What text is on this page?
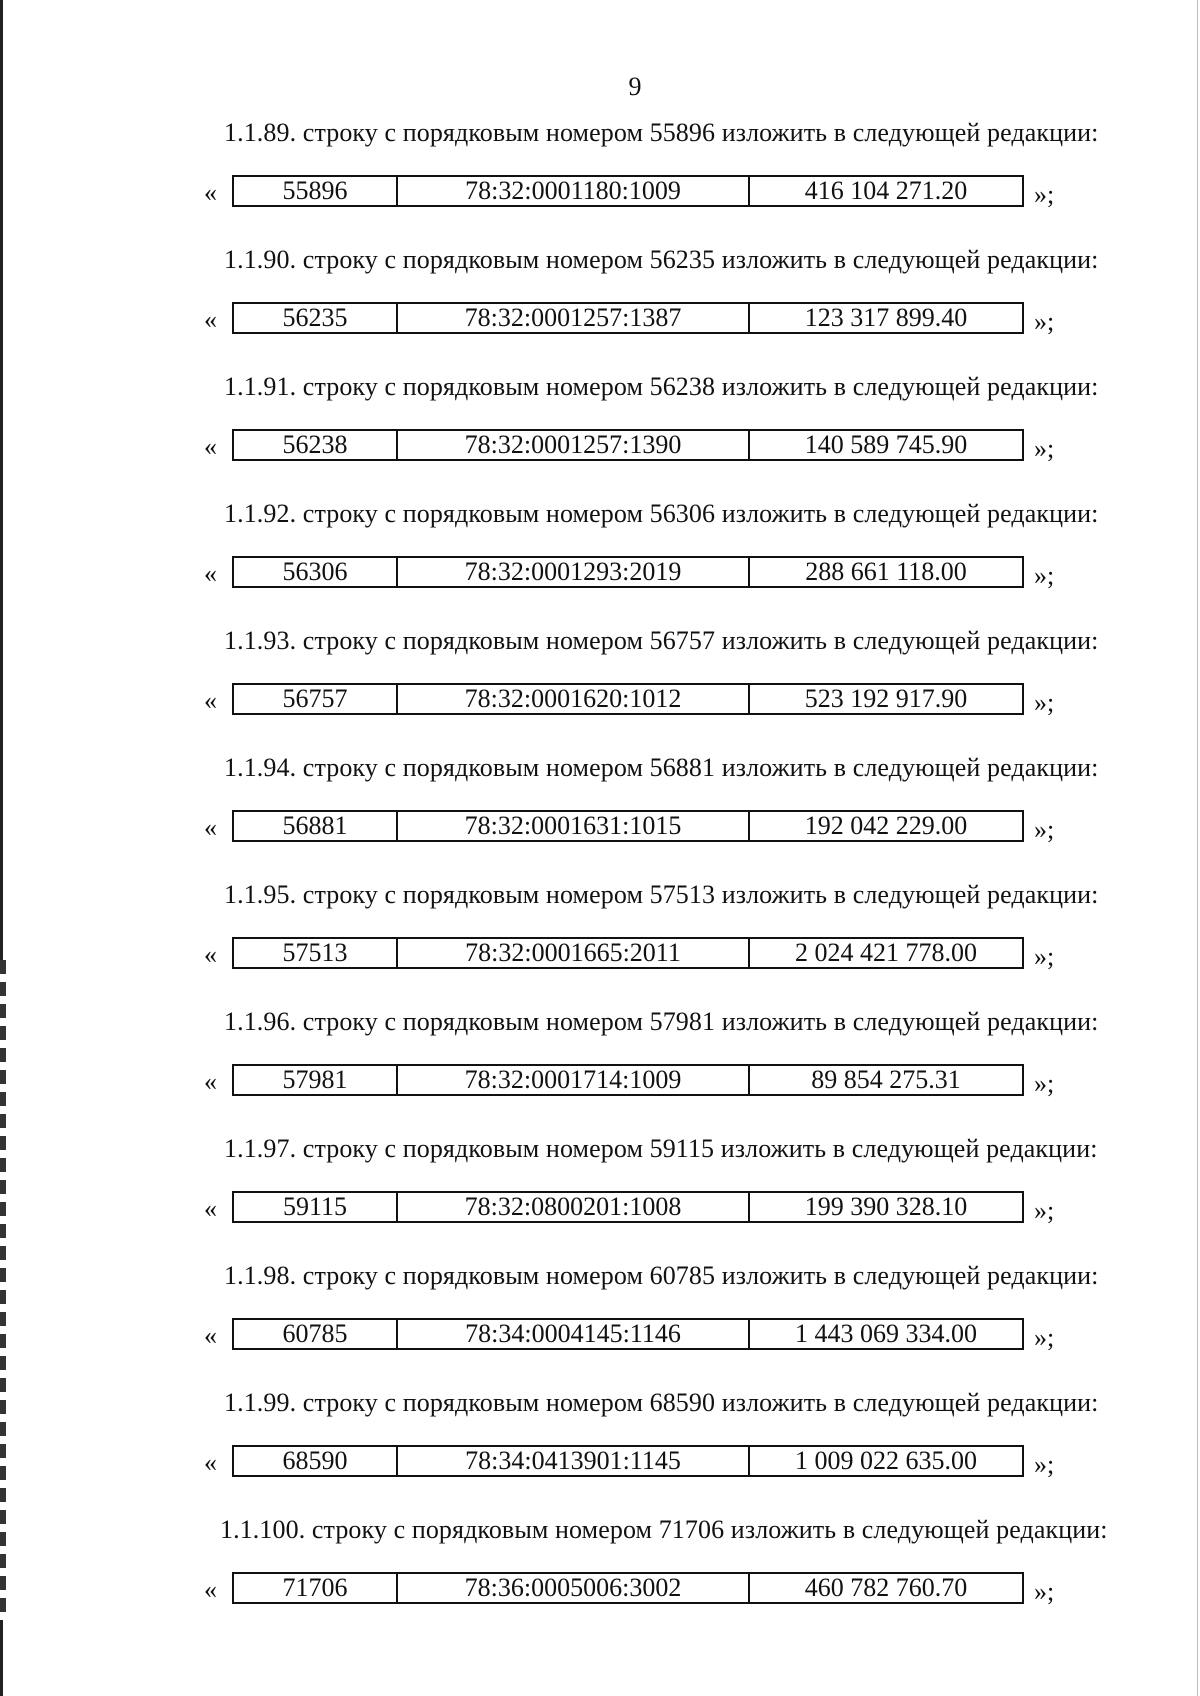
9
1.1.89. строку с порядковым номером 55896 изложить в следующей редакции:
«	55896	78:32:0001180:1009	416 104 271.20	»;
1.1.90. строку с порядковым номером 56235 изложить в следующей редакции:
«	56235	78:32:0001257:1387	123 317 899.40	»;
1.1.91. строку с порядковым номером 56238 изложить в следующей редакции:
«	56238	78:32:0001257:1390	140 589 745.90	»;
1.1.92. строку с порядковым номером 56306 изложить в следующей редакции:
«	56306	78:32:0001293:2019	288 661 118.00	»;
1.1.93. строку с порядковым номером 56757 изложить в следующей редакции:
«	56757	78:32:0001620:1012	523 192 917.90	»;
1.1.94. строку с порядковым номером 56881 изложить в следующей редакции:
«	56881	78:32:0001631:1015	192 042 229.00	»;
1.1.95. строку с порядковым номером 57513 изложить в следующей редакции:
«	57513	78:32:0001665:2011	2 024 421 778.00	»;
1.1.96. строку с порядковым номером 57981 изложить в следующей редакции:
«	57981	78:32:0001714:1009	89 854 275.31	»;
1.1.97. строку с порядковым номером 59115 изложить в следующей редакции:
«	59115	78:32:0800201:1008	199 390 328.10	»;
1.1.98. строку с порядковым номером 60785 изложить в следующей редакции:
«	60785	78:34:0004145:1146	1 443 069 334.00	»;
1.1.99. строку с порядковым номером 68590 изложить в следующей редакции:
«	68590	78:34:0413901:1145	1 009 022 635.00	»;
1.1.100. строку с порядковым номером 71706 изложить в следующей редакции:
«	71706	78:36:0005006:3002	460 782 760.70	»;
